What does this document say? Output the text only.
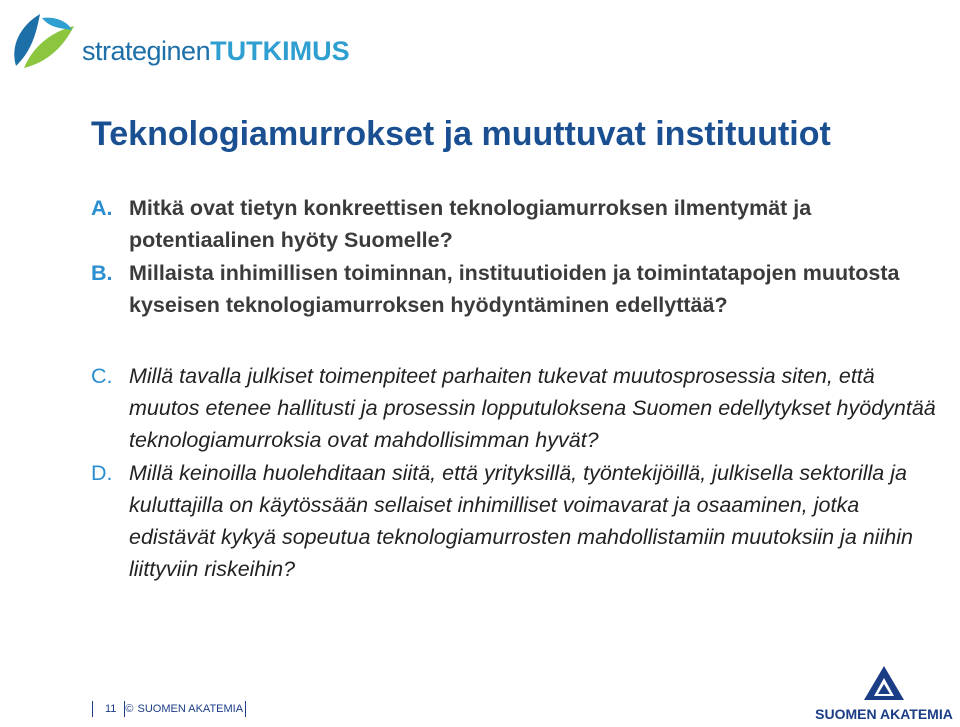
strateginenTUTKIMUS
Teknologiamurrokset ja muuttuvat instituutiot
A. Mitkä ovat tietyn konkreettisen teknologiamurroksen ilmentymät ja potentiaalinen hyöty Suomelle?
B. Millaista inhimillisen toiminnan, instituutioiden ja toimintatapojen muutosta kyseisen teknologiamurroksen hyödyntäminen edellyttää?
C. Millä tavalla julkiset toimenpiteet parhaiten tukevat muutosprosessia siten, että muutos etenee hallitusti ja prosessin lopputuloksena Suomen edellytykset hyödyntää teknologiamurroksia ovat mahdollisimman hyvät?
D. Millä keinoilla huolehditaan siitä, että yrityksillä, työntekijöillä, julkisella sektorilla ja kuluttajilla on käytössään sellaiset inhimilliset voimavarat ja osaaminen, jotka edistävät kykyä sopeutua teknologiamurrosten mahdollistamiin muutoksiin ja niihin liittyviin riskeihin?
11 © SUOMEN AKATEMIA	SUOMEN AKATEMIA
